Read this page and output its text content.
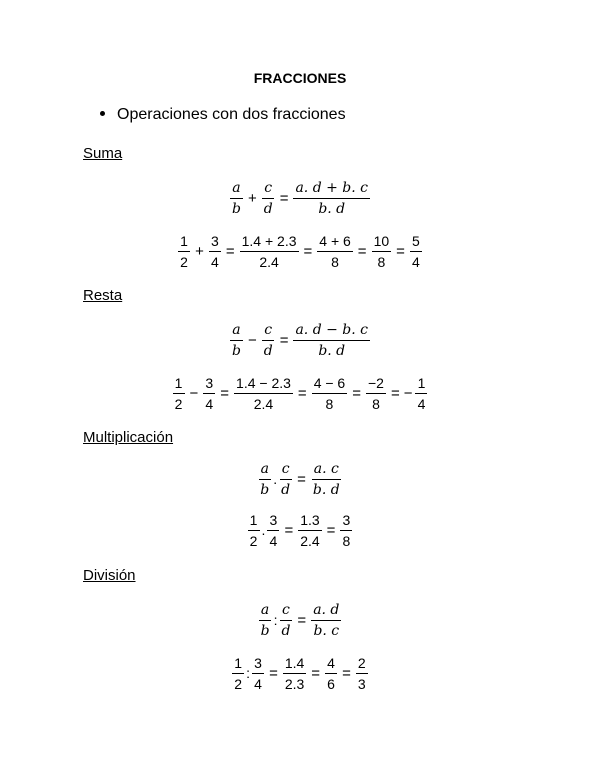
FRACCIONES
Operaciones con dos fracciones
Suma
$\frac{a}{b} + \frac{c}{d} = \frac{a. d + b. c}{b. d}$
$\frac{1}{2} + \frac{3}{4} = \frac{1.4 + 2.3}{2.4} = \frac{4 + 6}{8} = \frac{10}{8} = \frac{5}{4}$
Resta
$\frac{a}{b} - \frac{c}{d} = \frac{a. d - b. c}{b. d}$
$\frac{1}{2} - \frac{3}{4} = \frac{1.4 - 2.3}{2.4} = \frac{4 - 6}{8} = \frac{-2}{8}$ = − $\frac{1}{4}$
Multiplicación
$\frac{a}{b}$ . $\frac{c}{d} = \frac{a. c}{b. d}$
$\frac{1}{2}$ . $\frac{3}{4} = \frac{1.3}{2.4} = \frac{3}{8}$
División
$\frac{a}{b}$ : $\frac{c}{d} = \frac{a. d}{b. c}$
$\frac{1}{2}$ : $\frac{3}{4} = \frac{1.4}{2.3} = \frac{4}{6} = \frac{2}{3}$
